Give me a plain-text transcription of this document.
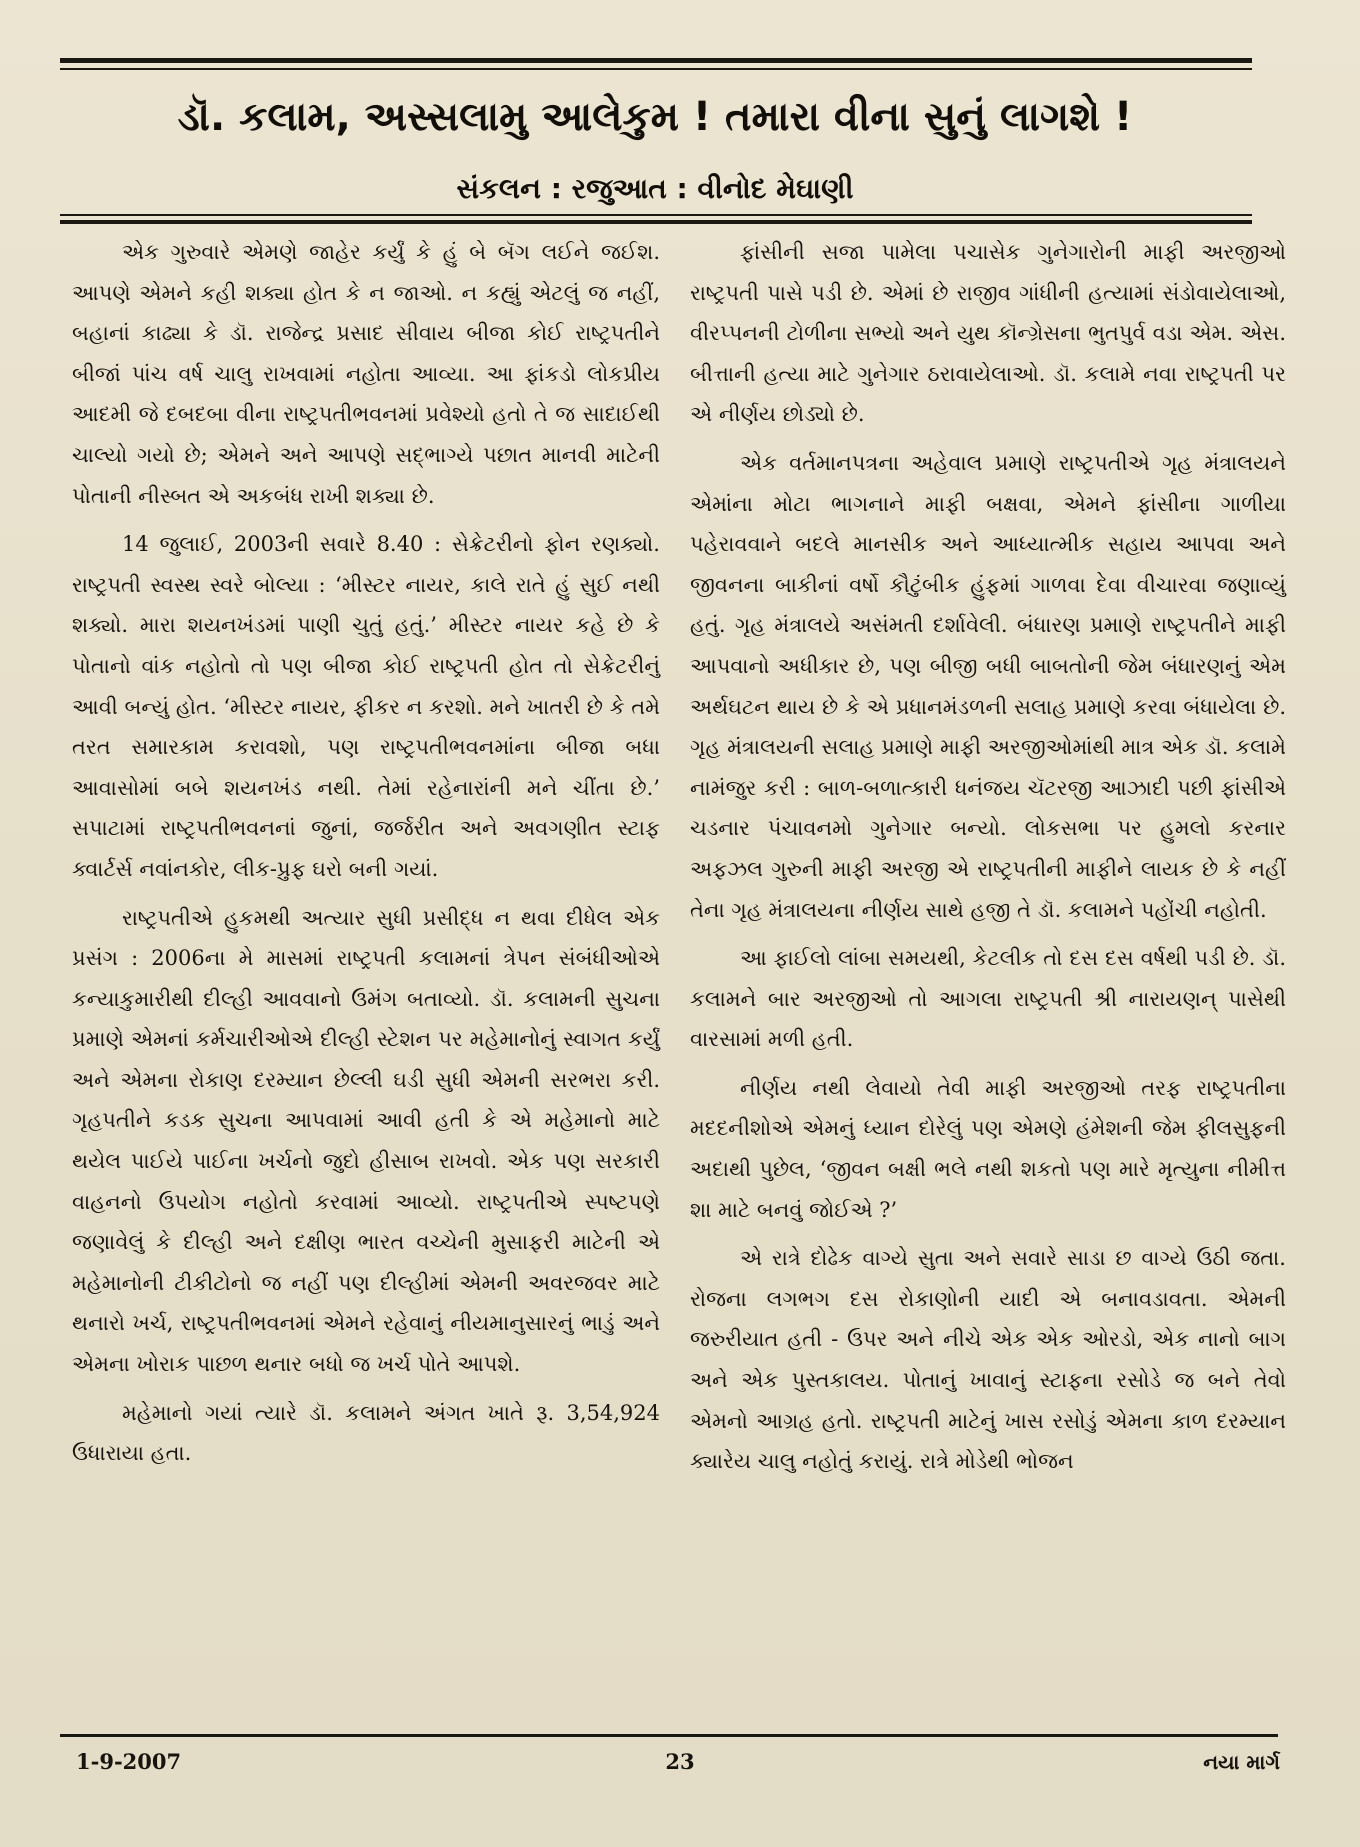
ડૉ. કલામ, અસ્સલામુ આલેકુમ ! તમારા વીના સુનું લાગશે !
સંકલન : રજુઆત : વીનોદ મેઘાણી

એક ગુરુવારે એમણે જાહેર કર્યું કે હું બે બૅગ લઈને જઈશ. આપણે એમને કહી શક્યા હોત કે ન જાઓ. ન કહ્યું એટલું જ નહીં, બહાનાં કાઢ્યા કે ડૉ. રાજેન્દ્ર પ્રસાદ સીવાય બીજા કોઈ રાષ્ટ્રપતીને બીજાં પાંચ વર્ષ ચાલુ રાખવામાં નહોતા આવ્યા. આ ફાંકડો લોકપ્રીય આદમી જે દબદબા વીના રાષ્ટ્રપતીભવનમાં પ્રવેશ્યો હતો તે જ સાદાઈથી ચાલ્યો ગયો છે; એમને અને આપણે સદ્ભાગ્યે પછાત માનવી માટેની પોતાની નીસ્બત એ અકબંધ રાખી શક્યા છે.

14 જુલાઈ, 2003ની સવારે 8.40 : સેક્રેટરીનો ફોન રણક્યો. રાષ્ટ્રપતી સ્વસ્થ સ્વરે બોલ્યા : ‘મીસ્ટર નાયર, કાલે રાતે હું સુઈ નથી શક્યો. મારા શયનખંડમાં પાણી ચુતું હતું.’ મીસ્ટર નાયર કહે છે કે પોતાનો વાંક નહોતો તો પણ બીજા કોઈ રાષ્ટ્રપતી હોત તો સેક્રેટરીનું આવી બન્યું હોત. ‘મીસ્ટર નાયર, ફીકર ન કરશો. મને ખાતરી છે કે તમે તરત સમારકામ કરાવશો, પણ રાષ્ટ્રપતીભવનમાંના બીજા બધા આવાસોમાં બબે શયનખંડ નથી. તેમાં રહેનારાંની મને ચીંતા છે.’ સપાટામાં રાષ્ટ્રપતીભવનનાં જુનાં, જર્જરીત અને અવગણીત સ્ટાફ ક્વાર્ટર્સ નવાંનકોર, લીક-પ્રુફ ઘરો બની ગયાં.

રાષ્ટ્રપતીએ હુકમથી અત્યાર સુધી પ્રસીદ્ધ ન થવા દીધેલ એક પ્રસંગ : 2006ના મે માસમાં રાષ્ટ્રપતી કલામનાં ત્રેપન સંબંધીઓએ કન્યાકુમારીથી દીલ્હી આવવાનો ઉમંગ બતાવ્યો. ડૉ. કલામની સુચના પ્રમાણે એમનાં કર્મચારીઓએ દીલ્હી સ્ટેશન પર મહેમાનોનું સ્વાગત કર્યું અને એમના રોકાણ દરમ્યાન છેલ્લી ઘડી સુધી એમની સરભરા કરી. ગૃહપતીને કડક સુચના આપવામાં આવી હતી કે એ મહેમાનો માટે થયેલ પાઈયે પાઈના ખર્ચનો જુદો હીસાબ રાખવો. એક પણ સરકારી વાહનનો ઉપયોગ નહોતો કરવામાં આવ્યો. રાષ્ટ્રપતીએ સ્પષ્ટપણે જણાવેલું કે દીલ્હી અને દક્ષીણ ભારત વચ્ચેની મુસાફરી માટેની એ મહેમાનોની ટીકીટોનો જ નહીં પણ દીલ્હીમાં એમની અવરજવર માટે થનારો ખર્ચ, રાષ્ટ્રપતીભવનમાં એમને રહેવાનું નીયમાનુસારનું ભાડું અને એમના ખોરાક પાછળ થનાર બધો જ ખર્ચ પોતે આપશે.

મહેમાનો ગયાં ત્યારે ડૉ. કલામને અંગત ખાતે રૂ. 3,54,924 ઉધારાયા હતા.

ફાંસીની સજા પામેલા પચાસેક ગુનેગારોની માફી અરજીઓ રાષ્ટ્રપતી પાસે પડી છે. એમાં છે રાજીવ ગાંધીની હત્યામાં સંડોવાયેલાઓ, વીરપ્પનની ટોળીના સભ્યો અને યુથ કૉન્ગ્રેસના ભુતપુર્વ વડા એમ. એસ. બીત્તાની હત્યા માટે ગુનેગાર ઠરાવાયેલાઓ. ડૉ. કલામે નવા રાષ્ટ્રપતી પર એ નીર્ણય છોડ્યો છે.

એક વર્તમાનપત્રના અહેવાલ પ્રમાણે રાષ્ટ્રપતીએ ગૃહ મંત્રાલયને એમાંના મોટા ભાગનાને માફી બક્ષવા, એમને ફાંસીના ગાળીયા પહેરાવવાને બદલે માનસીક અને આધ્યાત્મીક સહાય આપવા અને જીવનના બાકીનાં વર્ષો કૌટુંબીક હુંફમાં ગાળવા દેવા વીચારવા જણાવ્યું હતું. ગૃહ મંત્રાલયે અસંમતી દર્શાવેલી. બંધારણ પ્રમાણે રાષ્ટ્રપતીને માફી આપવાનો અધીકાર છે, પણ બીજી બધી બાબતોની જેમ બંધારણનું એમ અર્થઘટન થાય છે કે એ પ્રધાનમંડળની સલાહ પ્રમાણે કરવા બંધાયેલા છે. ગૃહ મંત્રાલયની સલાહ પ્રમાણે માફી અરજીઓમાંથી માત્ર એક ડૉ. કલામે નામંજુર કરી : બાળ-બળાત્કારી ધનંજય ચૅટરજી આઝાદી પછી ફાંસીએ ચડનાર પંચાવનમો ગુનેગાર બન્યો. લોકસભા પર હુમલો કરનાર અફઝલ ગુરુની માફી અરજી એ રાષ્ટ્રપતીની માફીને લાયક છે કે નહીં તેના ગૃહ મંત્રાલયના નીર્ણય સાથે હજી તે ડૉ. કલામને પહોંચી નહોતી.

આ ફાઈલો લાંબા સમયથી, કેટલીક તો દસ દસ વર્ષથી પડી છે. ડૉ. કલામને બાર અરજીઓ તો આગલા રાષ્ટ્રપતી શ્રી નારાયણન્ પાસેથી વારસામાં મળી હતી.

નીર્ણય નથી લેવાયો તેવી માફી અરજીઓ તરફ રાષ્ટ્રપતીના મદદનીશોએ એમનું ધ્યાન દોરેલું પણ એમણે હંમેશની જેમ ફીલસુફની અદાથી પુછેલ, ‘જીવન બક્ષી ભલે નથી શકતો પણ મારે મૃત્યુના નીમીત્ત શા માટે બનવું જોઈએ ?’

એ રાત્રે દોઢેક વાગ્યે સુતા અને સવારે સાડા છ વાગ્યે ઉઠી જતા. રોજના લગભગ દસ રોકાણોની યાદી એ બનાવડાવતા. એમની જરુરીયાત હતી - ઉપર અને નીચે એક એક ઓરડો, એક નાનો બાગ અને એક પુસ્તકાલય. પોતાનું ખાવાનું સ્ટાફના રસોડે જ બને તેવો એમનો આગ્રહ હતો. રાષ્ટ્રપતી માટેનું ખાસ રસોડું એમના કાળ દરમ્યાન ક્યારેય ચાલુ નહોતું કરાયું. રાત્રે મોડેથી ભોજન

1-9-2007	23	નયા માર્ગ
